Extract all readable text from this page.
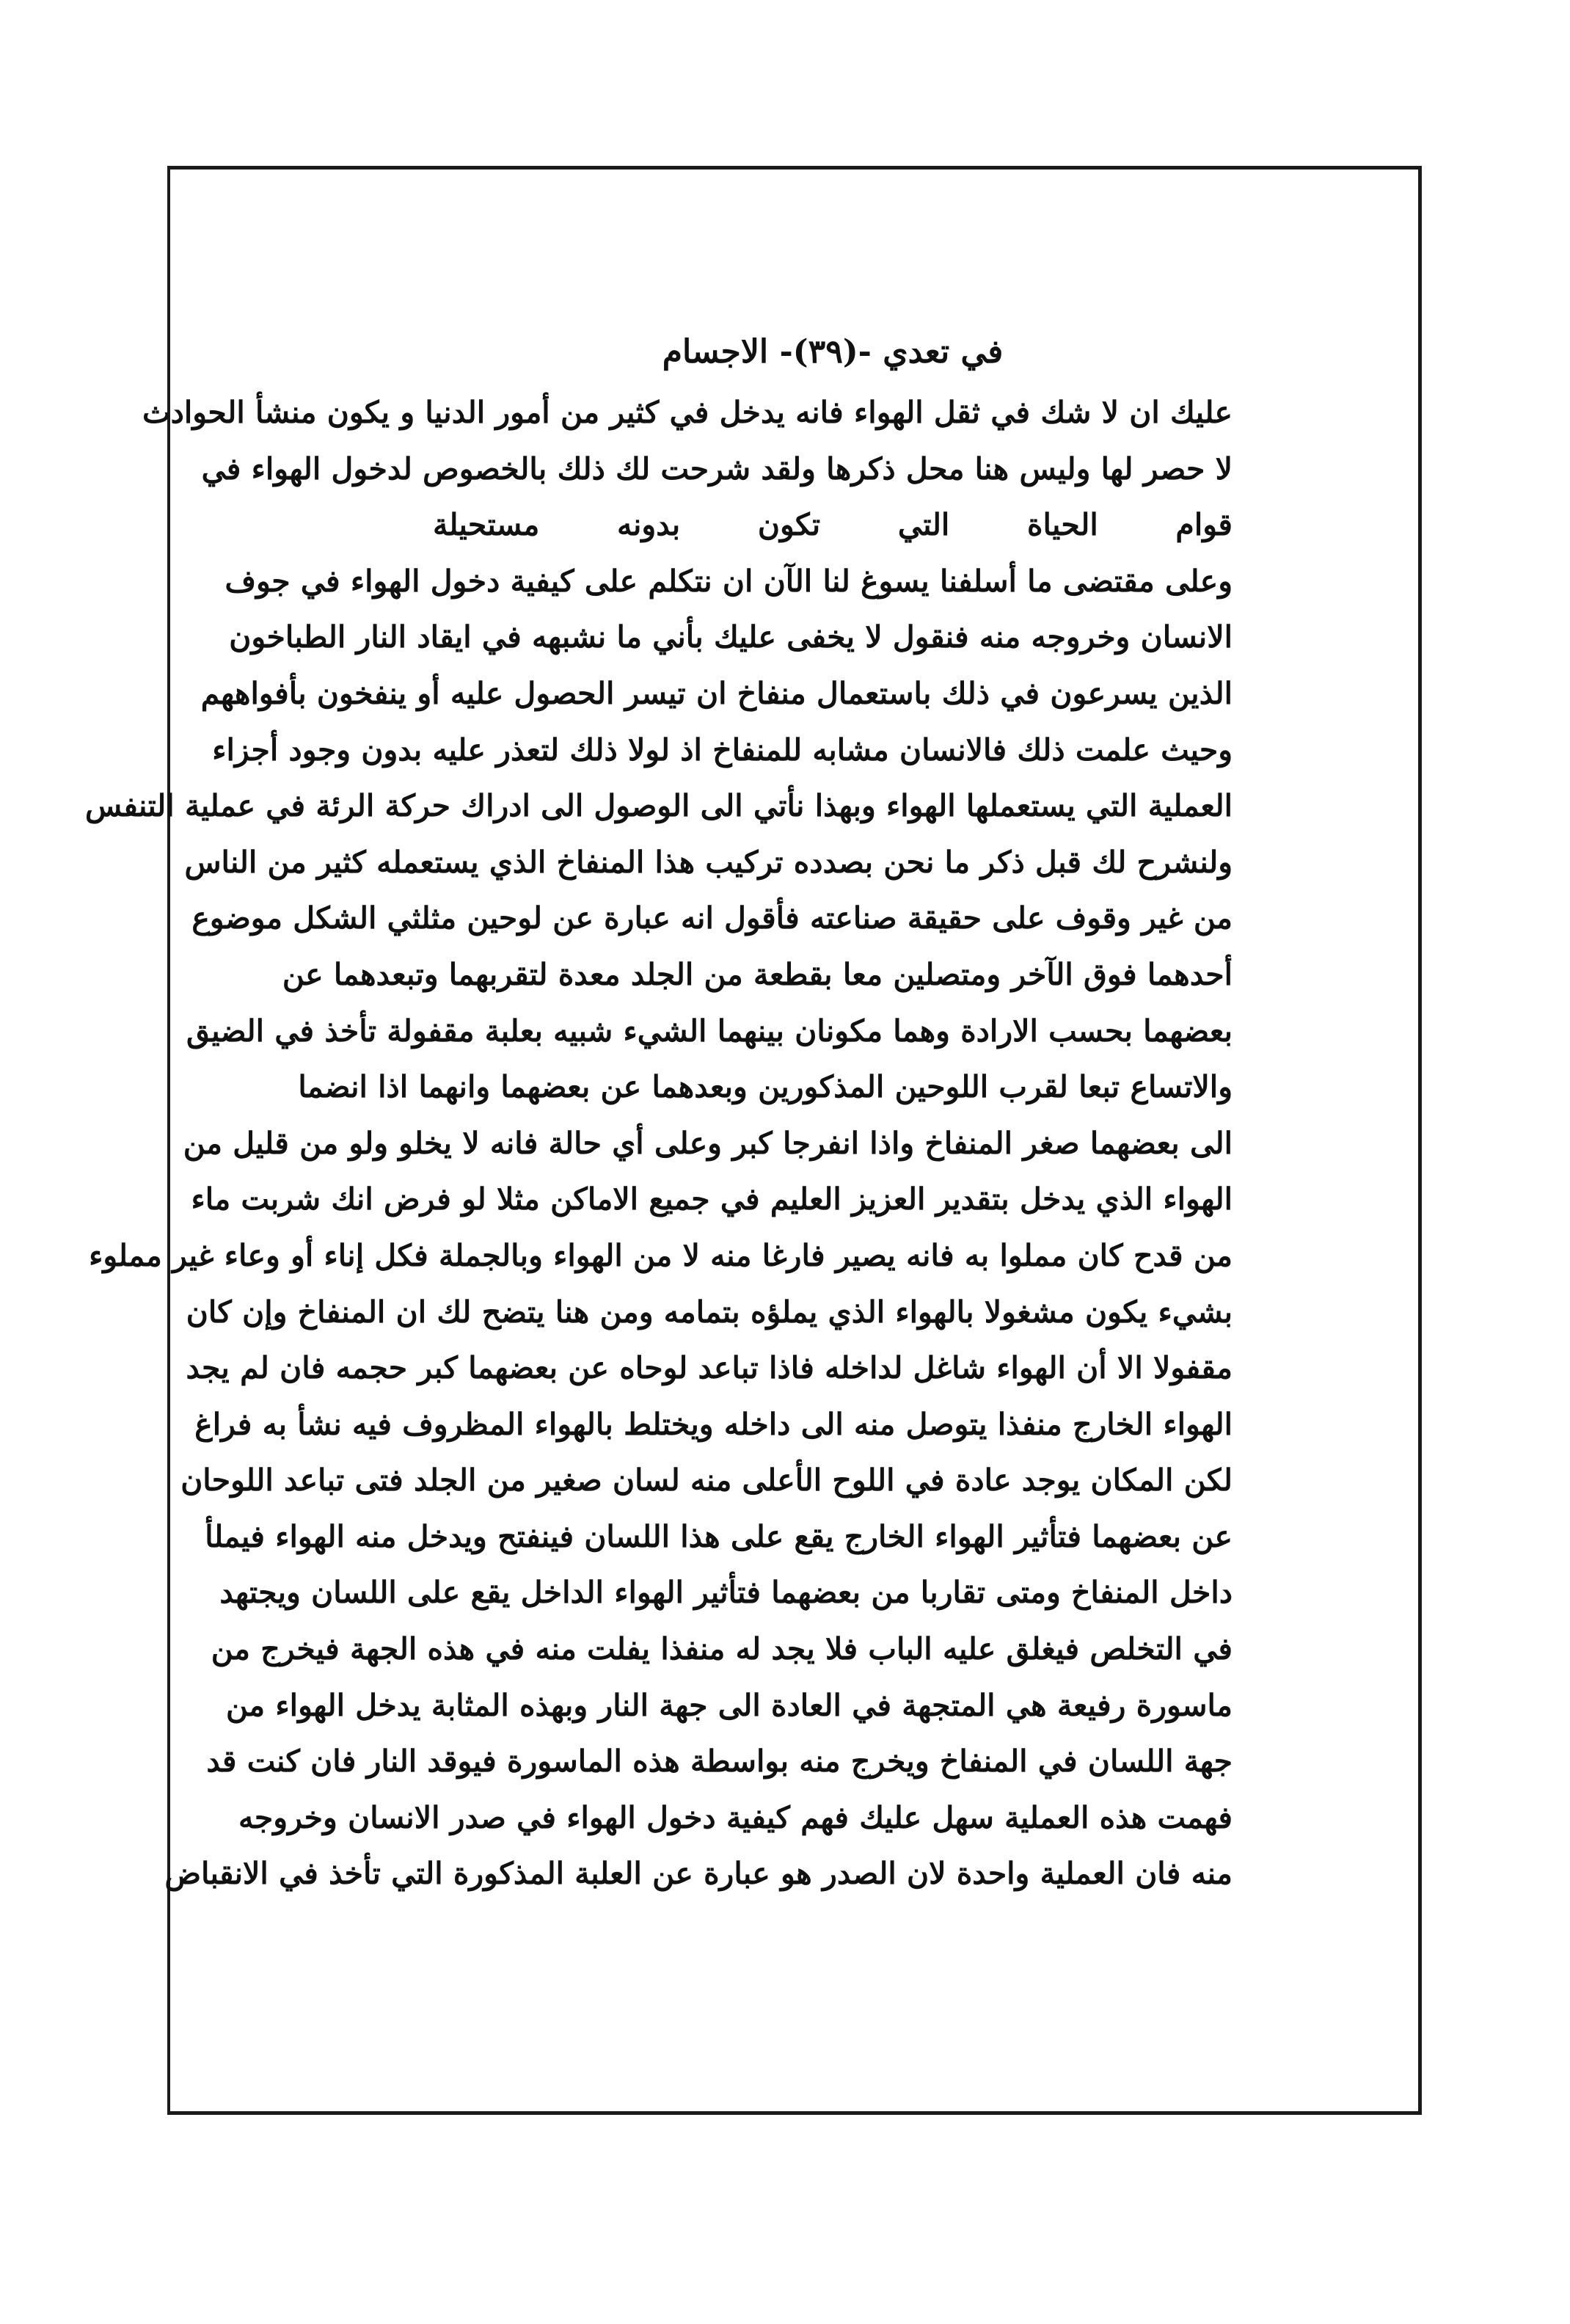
في تعدي -(٣٩)- الاجسام
عليك ان لا شك في ثقل الهواء فانه يدخل في كثير من أمور الدنيا و يكون منشأ الحوادث
لا حصر لها وليس هنا محل ذكرها ولقد شرحت لك ذلك بالخصوص لدخول الهواء في
قوام الحياة التي تكون بدونه مستحيلة
وعلى مقتضى ما أسلفنا يسوغ لنا الآن ان نتكلم على كيفية دخول الهواء في جوف
الانسان وخروجه منه فنقول لا يخفى عليك بأني ما نشبهه في ايقاد النار الطباخون
الذين يسرعون في ذلك باستعمال منفاخ ان تيسر الحصول عليه أو ينفخون بأفواههم
وحيث علمت ذلك فالانسان مشابه للمنفاخ اذ لولا ذلك لتعذر عليه بدون وجود أجزاء
العملية التي يستعملها الهواء وبهذا نأتي الى الوصول الى ادراك حركة الرئة في عملية التنفس
ولنشرح لك قبل ذكر ما نحن بصدده تركيب هذا المنفاخ الذي يستعمله كثير من الناس
من غير وقوف على حقيقة صناعته فأقول انه عبارة عن لوحين مثلثي الشكل موضوع
أحدهما فوق الآخر ومتصلين معا بقطعة من الجلد معدة لتقربهما وتبعدهما عن
بعضهما بحسب الارادة وهما مكونان بينهما الشيء شبيه بعلبة مقفولة تأخذ في الضيق
والاتساع تبعا لقرب اللوحين المذكورين وبعدهما عن بعضهما وانهما اذا انضما
الى بعضهما صغر المنفاخ واذا انفرجا كبر وعلى أي حالة فانه لا يخلو ولو من قليل من
الهواء الذي يدخل بتقدير العزيز العليم في جميع الاماكن مثلا لو فرض انك شربت ماء
من قدح كان مملوا به فانه يصير فارغا منه لا من الهواء وبالجملة فكل إناء أو وعاء غير مملوء
بشيء يكون مشغولا بالهواء الذي يملؤه بتمامه ومن هنا يتضح لك ان المنفاخ وإن كان
مقفولا الا أن الهواء شاغل لداخله فاذا تباعد لوحاه عن بعضهما كبر حجمه فان لم يجد
الهواء الخارج منفذا يتوصل منه الى داخله ويختلط بالهواء المظروف فيه نشأ به فراغ
لكن المكان يوجد عادة في اللوح الأعلى منه لسان صغير من الجلد فتى تباعد اللوحان
عن بعضهما فتأثير الهواء الخارج يقع على هذا اللسان فينفتح ويدخل منه الهواء فيملأ
داخل المنفاخ ومتى تقاربا من بعضهما فتأثير الهواء الداخل يقع على اللسان ويجتهد
في التخلص فيغلق عليه الباب فلا يجد له منفذا يفلت منه في هذه الجهة فيخرج من
ماسورة رفيعة هي المتجهة في العادة الى جهة النار وبهذه المثابة يدخل الهواء من
جهة اللسان في المنفاخ ويخرج منه بواسطة هذه الماسورة فيوقد النار فان كنت قد
فهمت هذه العملية سهل عليك فهم كيفية دخول الهواء في صدر الانسان وخروجه
منه فان العملية واحدة لان الصدر هو عبارة عن العلبة المذكورة التي تأخذ في الانقباض
